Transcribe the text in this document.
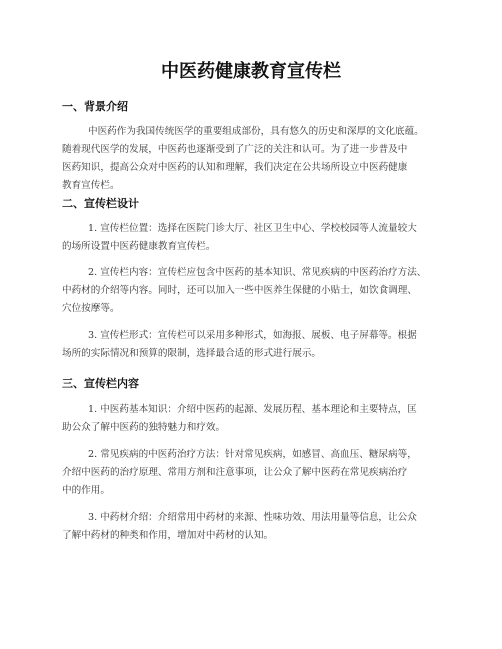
中医药健康教育宣传栏
一、背景介绍

中医药作为我国传统医学的重要组成部份，具有悠久的历史和深厚的文化底蕴。
随着现代医学的发展，中医药也逐渐受到了广泛的关注和认可。为了进一步普及中
医药知识，提高公众对中医药的认知和理解，我们决定在公共场所设立中医药健康
教育宣传栏。

二、宣传栏设计

1. 宣传栏位置：选择在医院门诊大厅、社区卫生中心、学校校园等人流量较大
的场所设置中医药健康教育宣传栏。

2. 宣传栏内容：宣传栏应包含中医药的基本知识、常见疾病的中医药治疗方法、
中药材的介绍等内容。同时，还可以加入一些中医养生保健的小贴士，如饮食调理、
穴位按摩等。

3. 宣传栏形式：宣传栏可以采用多种形式，如海报、展板、电子屏幕等。根据
场所的实际情况和预算的限制，选择最合适的形式进行展示。

三、宣传栏内容

1. 中医药基本知识：介绍中医药的起源、发展历程、基本理论和主要特点，匡
助公众了解中医药的独特魅力和疗效。

2. 常见疾病的中医药治疗方法：针对常见疾病，如感冒、高血压、糖尿病等，
介绍中医药的治疗原理、常用方剂和注意事项，让公众了解中医药在常见疾病治疗
中的作用。

3. 中药材介绍：介绍常用中药材的来源、性味功效、用法用量等信息，让公众
了解中药材的种类和作用，增加对中药材的认知。
